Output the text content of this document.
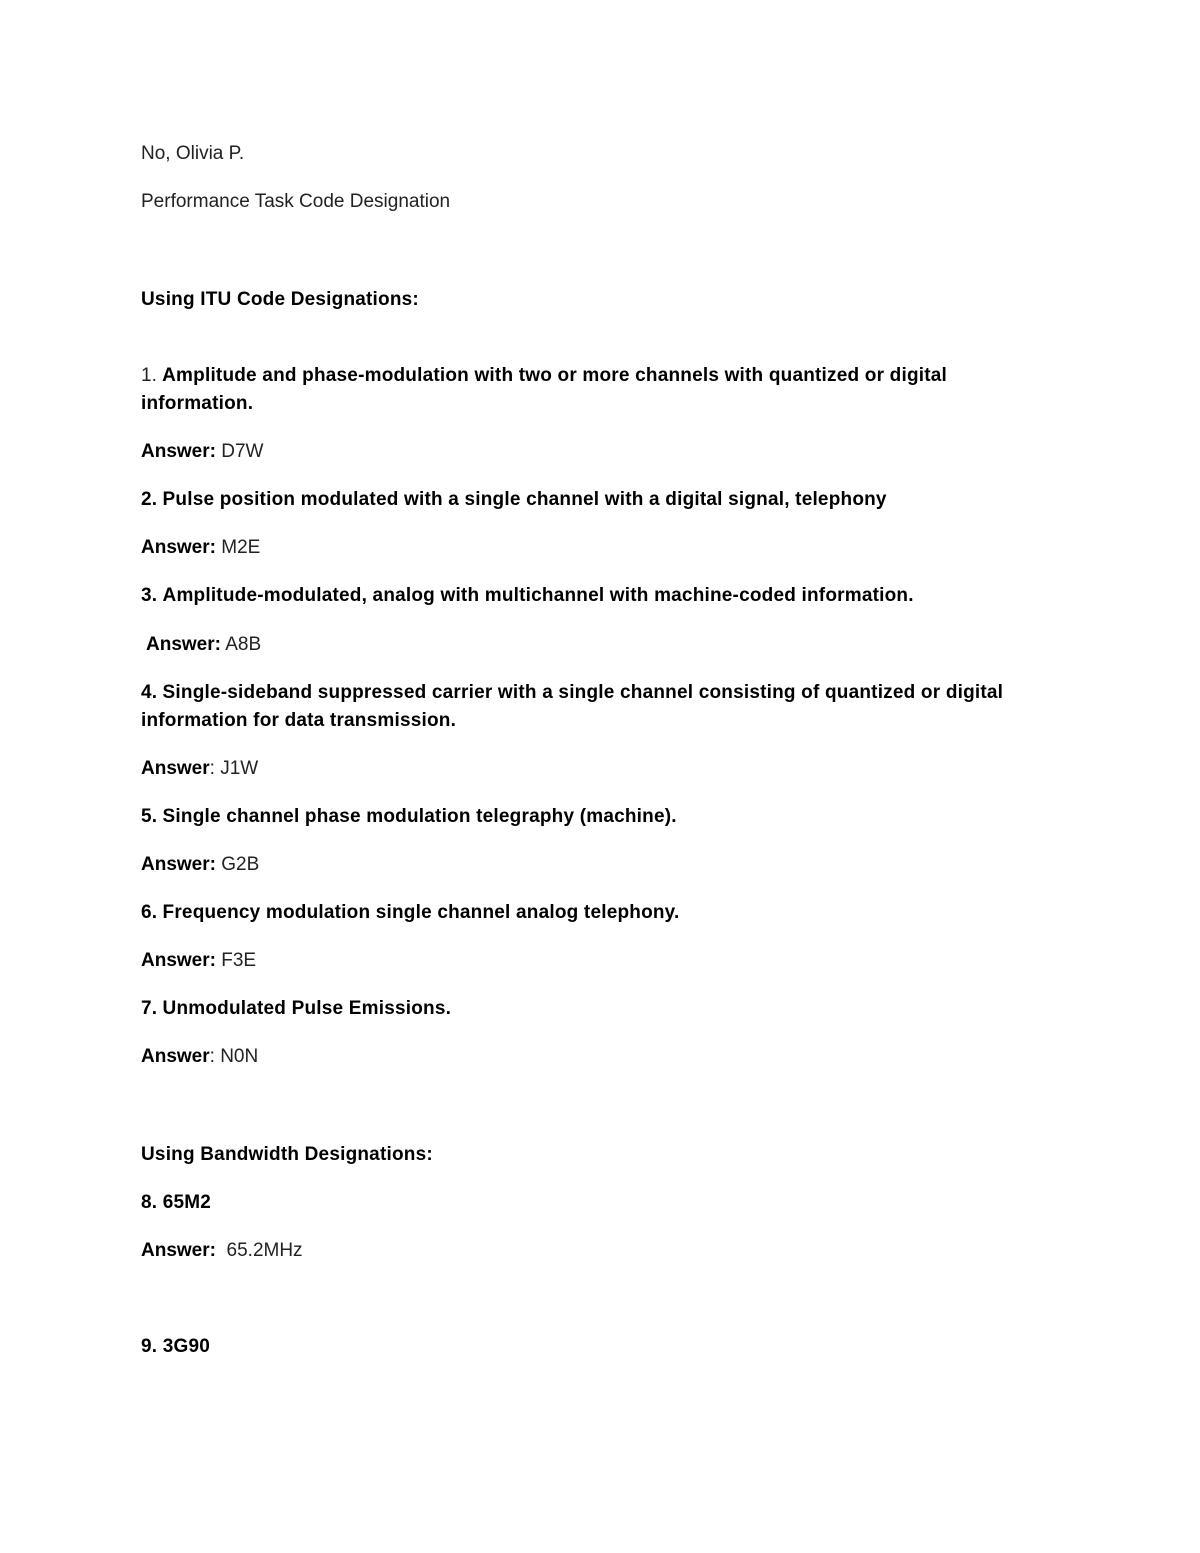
No, Olivia P.
Performance Task Code Designation
Using ITU Code Designations:
1. Amplitude and phase-modulation with two or more channels with quantized or digital information.
Answer: D7W
2. Pulse position modulated with a single channel with a digital signal, telephony
Answer: M2E
3. Amplitude-modulated, analog with multichannel with machine-coded information.
Answer: A8B
4. Single-sideband suppressed carrier with a single channel consisting of quantized or digital information for data transmission.
Answer: J1W
5. Single channel phase modulation telegraphy (machine).
Answer: G2B
6. Frequency modulation single channel analog telephony.
Answer: F3E
7. Unmodulated Pulse Emissions.
Answer: N0N
Using Bandwidth Designations:
8. 65M2
Answer: 65.2MHz
9. 3G90
